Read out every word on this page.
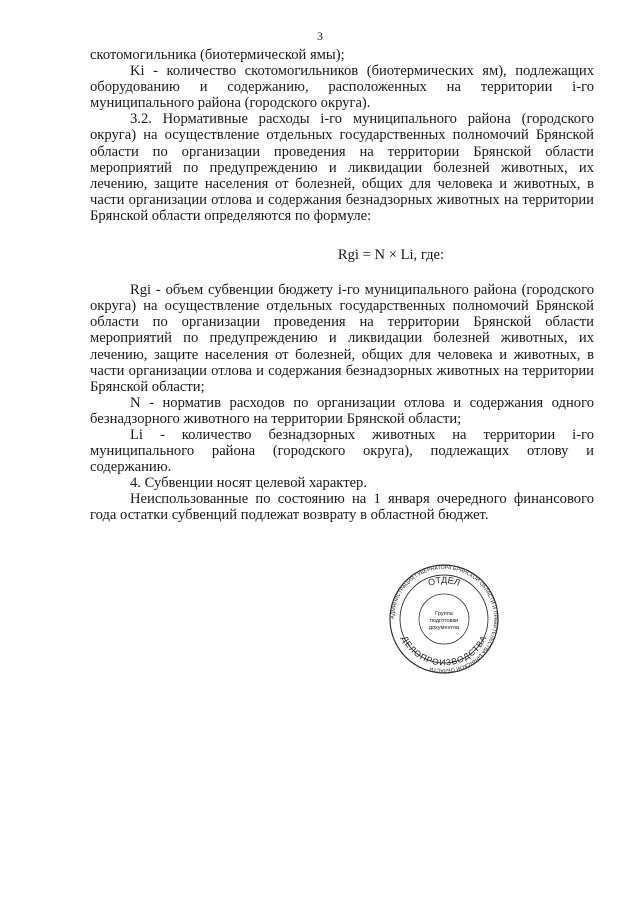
3

скотомогильника (биотермической ямы);

Ki - количество скотомогильников (биотермических ям), подлежащих оборудованию и содержанию, расположенных на территории i-го муниципального района (городского округа).

3.2. Нормативные расходы i-го муниципального района (городского округа) на осуществление отдельных государственных полномочий Брянской области по организации проведения на территории Брянской области мероприятий по предупреждению и ликвидации болезней животных, их лечению, защите населения от болезней, общих для человека и животных, в части организации отлова и содержания безнадзорных животных на территории Брянской области определяются по формуле:

Rgi = N × Li, где:

Rgi - объем субвенции бюджету i-го муниципального района (городского округа) на осуществление отдельных государственных полномочий Брянской области по организации проведения на территории Брянской области мероприятий по предупреждению и ликвидации болезней животных, их лечению, защите населения от болезней, общих для человека и животных, в части организации отлова и содержания безнадзорных животных на территории Брянской области;

N - норматив расходов по организации отлова и содержания одного безнадзорного животного на территории Брянской области;

Li - количество безнадзорных животных на территории i-го муниципального района (городского округа), подлежащих отлову и содержанию.

4. Субвенции носят целевой характер.

Неиспользованные по состоянию на 1 января очередного финансового года остатки субвенций подлежат возврату в областной бюджет.

АДМИНИСТРАЦИЯ ГУБЕРНАТОРА БРЯНСКОЙ ОБЛАСТИ И ПРАВИТЕЛЬСТВА БРЯНСКОЙ ОБЛАСТИ
ОТДЕЛ
ДЕЛОПРОИЗВОДСТВА
Группа
подготовки
документов
